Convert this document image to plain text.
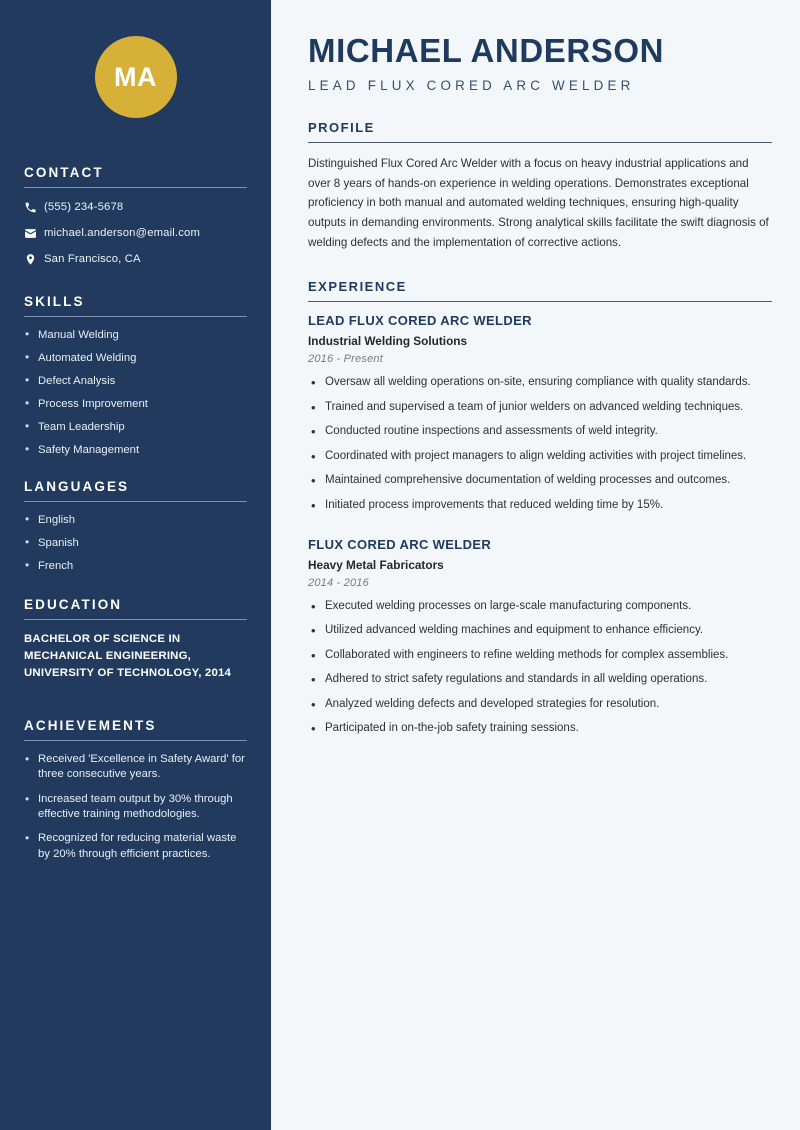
MA
CONTACT
(555) 234-5678
michael.anderson@email.com
San Francisco, CA
SKILLS
• Manual Welding
• Automated Welding
• Defect Analysis
• Process Improvement
• Team Leadership
• Safety Management
LANGUAGES
• English
• Spanish
• French
EDUCATION
BACHELOR OF SCIENCE IN MECHANICAL ENGINEERING, UNIVERSITY OF TECHNOLOGY, 2014
ACHIEVEMENTS
• Received 'Excellence in Safety Award' for three consecutive years.
• Increased team output by 30% through effective training methodologies.
• Recognized for reducing material waste by 20% through efficient practices.
MICHAEL ANDERSON
LEAD FLUX CORED ARC WELDER
PROFILE

Distinguished Flux Cored Arc Welder with a focus on heavy industrial applications and over 8 years of hands-on experience in welding operations. Demonstrates exceptional proficiency in both manual and automated welding techniques, ensuring high-quality outputs in demanding environments. Strong analytical skills facilitate the swift diagnosis of welding defects and the implementation of corrective actions.

EXPERIENCE
LEAD FLUX CORED ARC WELDER
Industrial Welding Solutions
2016 - Present
• Oversaw all welding operations on-site, ensuring compliance with quality standards.
• Trained and supervised a team of junior welders on advanced welding techniques.
• Conducted routine inspections and assessments of weld integrity.
• Coordinated with project managers to align welding activities with project timelines.
• Maintained comprehensive documentation of welding processes and outcomes.
• Initiated process improvements that reduced welding time by 15%.
FLUX CORED ARC WELDER
Heavy Metal Fabricators
2014 - 2016
• Executed welding processes on large-scale manufacturing components.
• Utilized advanced welding machines and equipment to enhance efficiency.
• Collaborated with engineers to refine welding methods for complex assemblies.
• Adhered to strict safety regulations and standards in all welding operations.
• Analyzed welding defects and developed strategies for resolution.
• Participated in on-the-job safety training sessions.
